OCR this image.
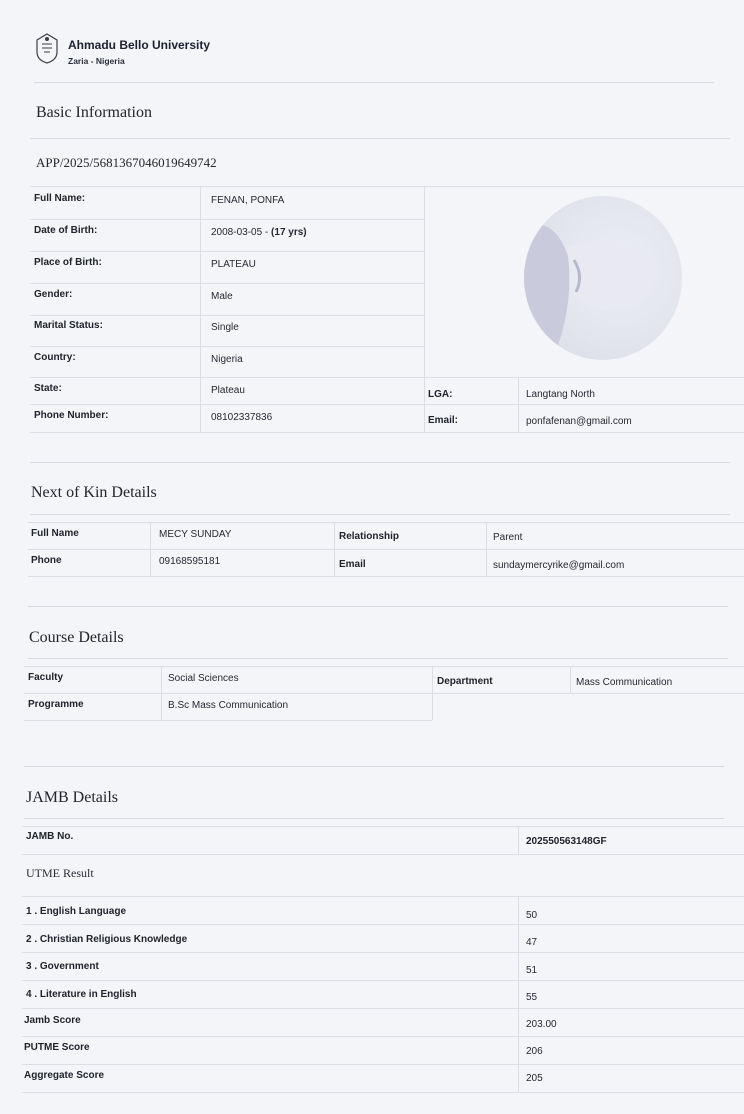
Ahmadu Bello University
Zaria - Nigeria
Basic Information
APP/2025/5681367046019649742
Full Name:	FENAN, PONFA
Date of Birth:	2008-03-05 - (17 yrs)
Place of Birth:	PLATEAU
Gender:	Male
Marital Status:	Single
Country:	Nigeria
State:	Plateau	LGA:	Langtang North
Phone Number:	08102337836	Email:	ponfafenan@gmail.com
Next of Kin Details
Full Name	MECY SUNDAY	Relationship	Parent
Phone	09168595181	Email	sundaymercyrike@gmail.com
Course Details
Faculty	Social Sciences	Department	Mass Communication
Programme	B.Sc Mass Communication
JAMB Details
JAMB No.	202550563148GF
UTME Result
1 . English Language	50
2 . Christian Religious Knowledge	47
3 . Government	51
4 . Literature in English	55
Jamb Score	203.00
PUTME Score	206
Aggregate Score	205
